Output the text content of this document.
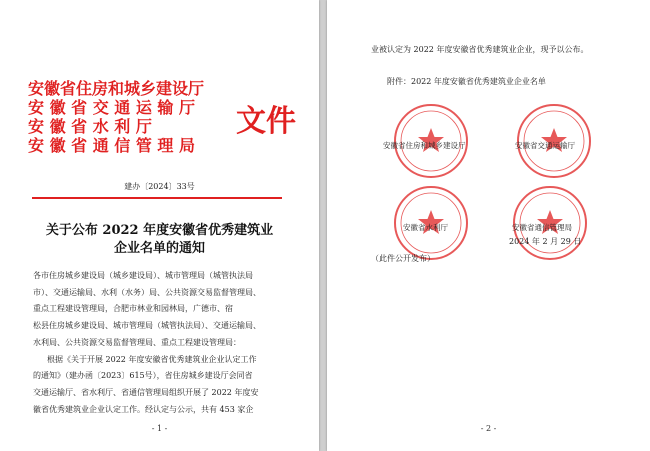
安徽省住房和城乡建设厅
安 徽 省 交 通 运 输 厅
安 徽 省 水 利 厅
安 徽 省 通 信 管 理 局
文件
建办〔2024〕33号
关于公布 2022 年度安徽省优秀建筑业
企业名单的通知

各市住房城乡建设局（城乡建设局）、城市管理局（城管执法局

市）、交通运输局、水利（水务）局、公共资源交易监督管理局、

重点工程建设管理局，合肥市林业和园林局，广德市、宿

松县住房城乡建设局、城市管理局（城管执法局）、交通运输局、

水利局、公共资源交易监督管理局、重点工程建设管理局：

根据《关于开展 2022 年度安徽省优秀建筑业企业认定工作

的通知》（建办函〔2023〕615号），省住房城乡建设厅会同省

交通运输厅、省水利厅、省通信管理局组织开展了 2022 年度安

徽省优秀建筑业企业认定工作。经认定与公示，共有 453 家企

- 1 -
业被认定为 2022 年度安徽省优秀建筑业企业，现予以公布。
附件：2022 年度安徽省优秀建筑业企业名单
安徽省住房和城乡建设厅	安徽省交通运输厅
安徽省水利厅	安徽省通信管理局
2024 年 2 月 29 日
（此件公开发布）
- 2 -
